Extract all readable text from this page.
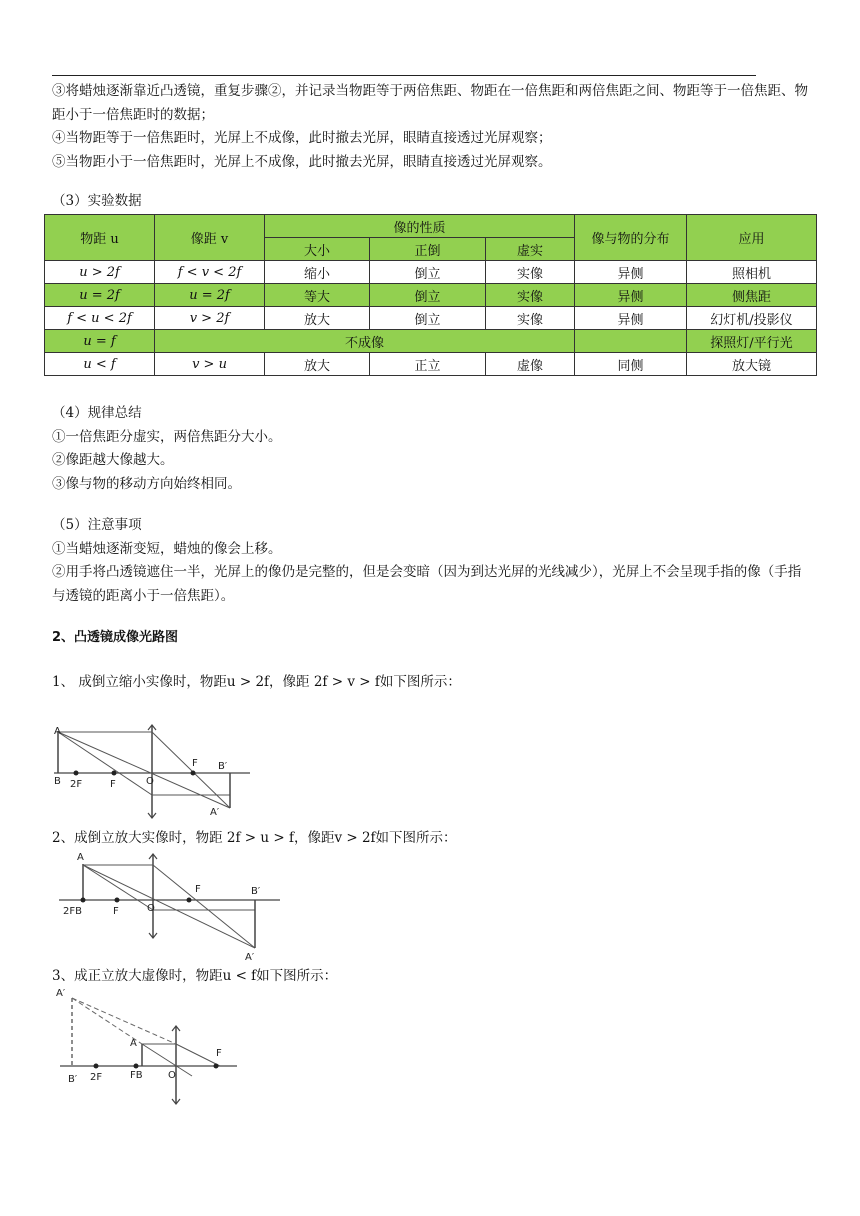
③将蜡烛逐渐靠近凸透镜，重复步骤②，并记录当物距等于两倍焦距、物距在一倍焦距和两倍焦距之间、物距等于一倍焦距、物距小于一倍焦距时的数据；

④当物距等于一倍焦距时，光屏上不成像，此时撤去光屏，眼睛直接透过光屏观察；

⑤当物距小于一倍焦距时，光屏上不成像，此时撤去光屏，眼睛直接透过光屏观察。

（3）实验数据

物距 u	像距 v	像的性质			像与物的分布	应用
		大小	正倒	虚实		
u > 2f	f < v < 2f	缩小	倒立	实像	异侧	照相机
u = 2f	u = 2f	等大	倒立	实像	异侧	侧焦距
f < u < 2f	v > 2f	放大	倒立	实像	异侧	幻灯机/投影仪
u = f	不成像					探照灯/平行光
u < f	v > u	放大	正立	虚像	同侧	放大镜

（4）规律总结

①一倍焦距分虚实，两倍焦距分大小。

②像距越大像越大。

③像与物的移动方向始终相同。

（5）注意事项

①当蜡烛逐渐变短，蜡烛的像会上移。

②用手将凸透镜遮住一半，光屏上的像仍是完整的，但是会变暗（因为到达光屏的光线减少），光屏上不会呈现手指的像（手指与透镜的距离小于一倍焦距）。

2、凸透镜成像光路图

1、 成倒立缩小实像时，物距u > 2f，像距 2f > v > f如下图所示：

A
B 2F	F	O
F B′
A′

2、成倒立放大实像时，物距 2f > u > f，像距v > 2f如下图所示：

A
2FB	F	O
F	B′
A′

3、成正立放大虚像时，物距u < f如下图所示：

A′
A
B′ 2F	FB	O
F
